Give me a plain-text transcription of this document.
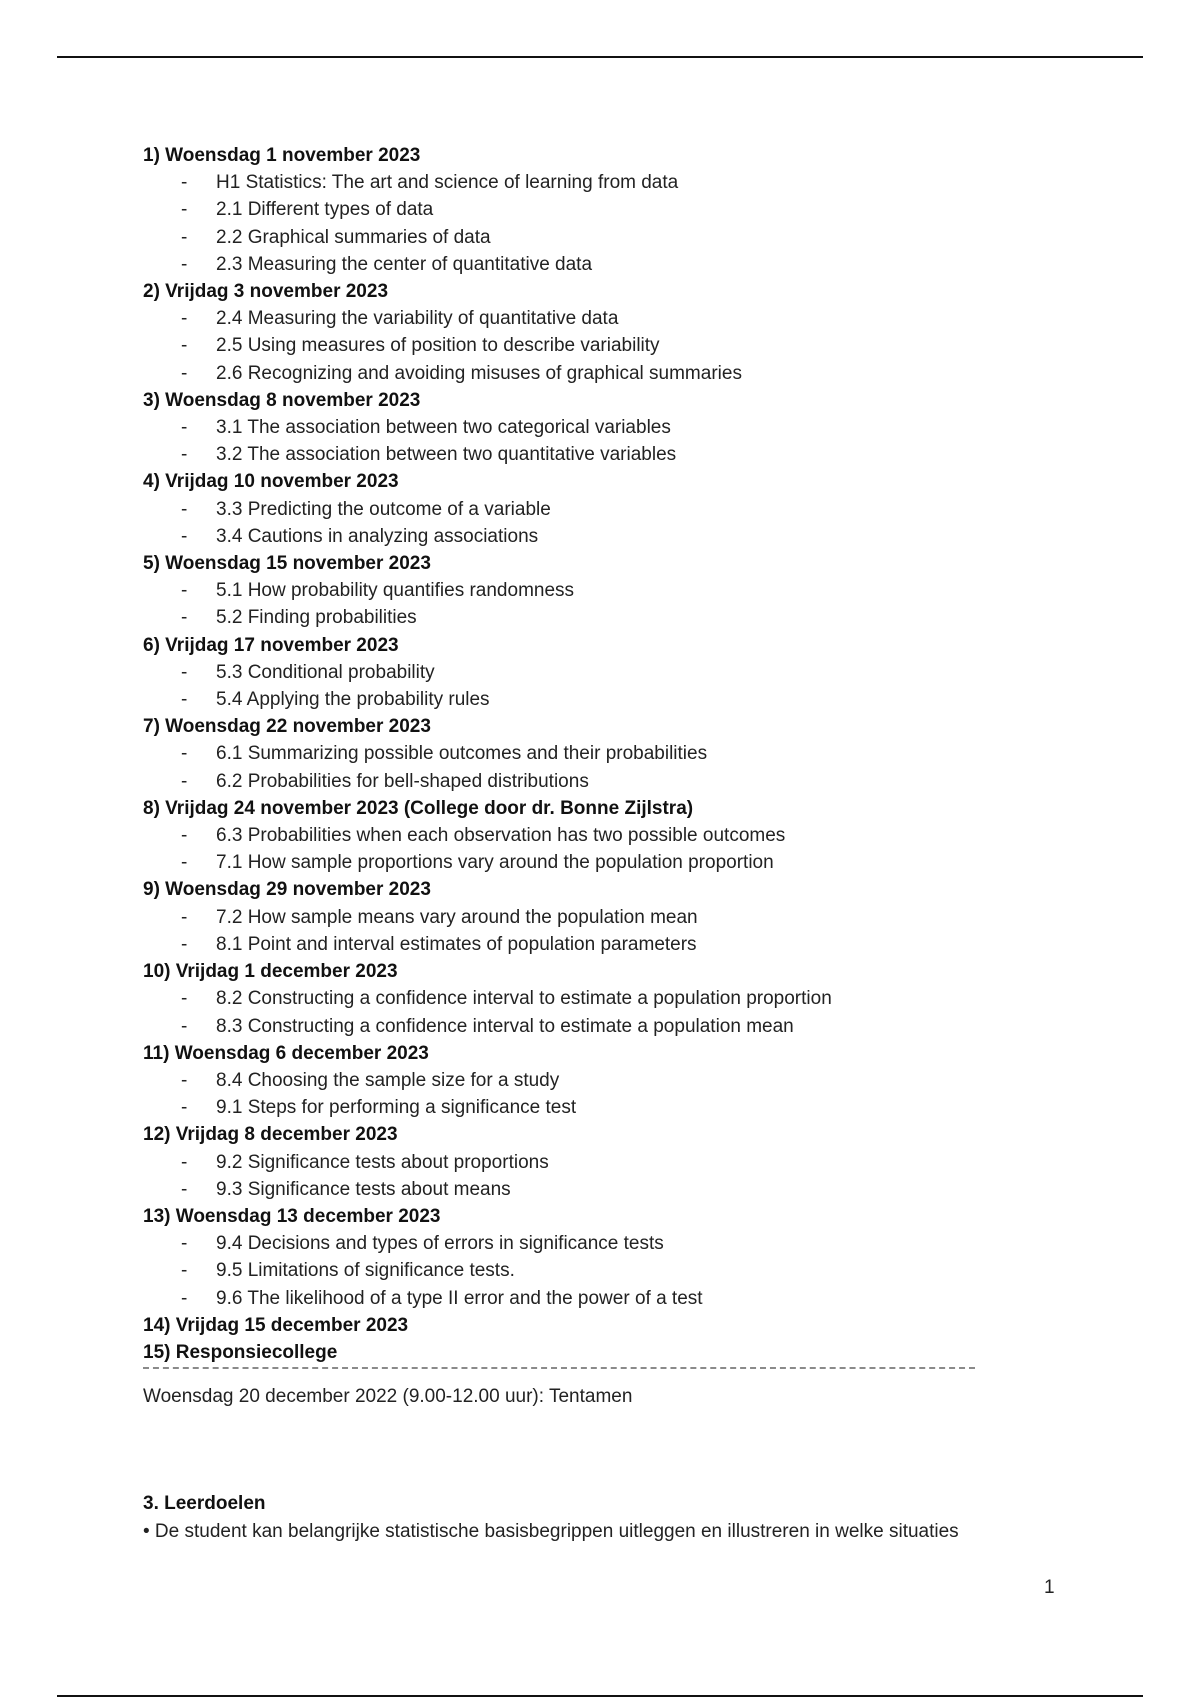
1) Woensdag 1 november 2023
- H1 Statistics: The art and science of learning from data
- 2.1 Different types of data
- 2.2 Graphical summaries of data
- 2.3 Measuring the center of quantitative data
2) Vrijdag 3 november 2023
- 2.4 Measuring the variability of quantitative data
- 2.5 Using measures of position to describe variability
- 2.6 Recognizing and avoiding misuses of graphical summaries
3) Woensdag 8 november 2023
- 3.1 The association between two categorical variables
- 3.2 The association between two quantitative variables
4) Vrijdag 10 november 2023
- 3.3 Predicting the outcome of a variable
- 3.4 Cautions in analyzing associations
5) Woensdag 15 november 2023
- 5.1 How probability quantifies randomness
- 5.2 Finding probabilities
6) Vrijdag 17 november 2023
- 5.3 Conditional probability
- 5.4 Applying the probability rules
7) Woensdag 22 november 2023
- 6.1 Summarizing possible outcomes and their probabilities
- 6.2 Probabilities for bell-shaped distributions
8) Vrijdag 24 november 2023 (College door dr. Bonne Zijlstra)
- 6.3 Probabilities when each observation has two possible outcomes
- 7.1 How sample proportions vary around the population proportion
9) Woensdag 29 november 2023
- 7.2 How sample means vary around the population mean
- 8.1 Point and interval estimates of population parameters
10) Vrijdag 1 december 2023
- 8.2 Constructing a confidence interval to estimate a population proportion
- 8.3 Constructing a confidence interval to estimate a population mean
11) Woensdag 6 december 2023
- 8.4 Choosing the sample size for a study
- 9.1 Steps for performing a significance test
12) Vrijdag 8 december 2023
- 9.2 Significance tests about proportions
- 9.3 Significance tests about means
13) Woensdag 13 december 2023
- 9.4 Decisions and types of errors in significance tests
- 9.5 Limitations of significance tests.
- 9.6 The likelihood of a type II error and the power of a test
14) Vrijdag 15 december 2023
15) Responsiecollege
Woensdag 20 december 2022 (9.00-12.00 uur): Tentamen
3. Leerdoelen
• De student kan belangrijke statistische basisbegrippen uitleggen en illustreren in welke situaties
1
